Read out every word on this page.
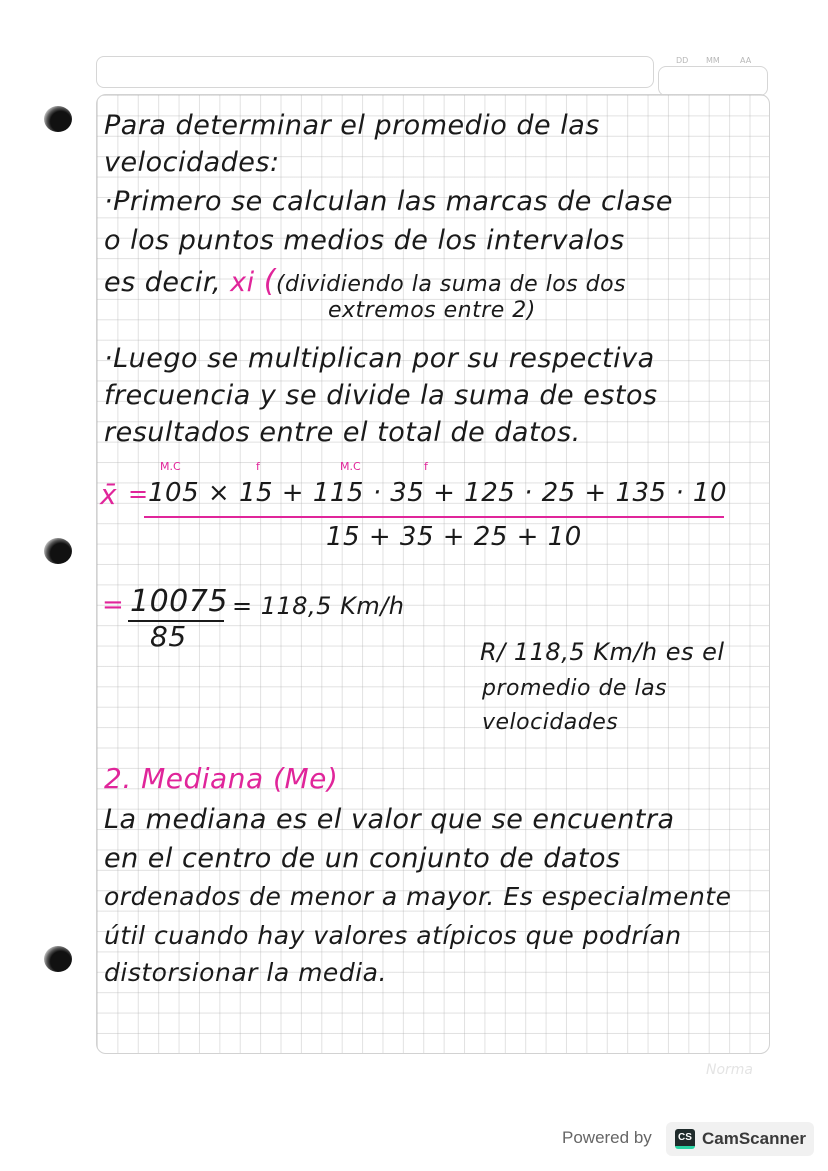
DD MM	AA
Para determinar el promedio de las
velocidades:
·Primero se calculan las marcas de clase
o los puntos medios de los intervalos
es decir, xi ((dividiendo la suma de los dos
extremos entre 2)
·Luego se multiplican por su respectiva
frecuencia y se divide la suma de estos
resultados entre el total de datos.
M.C	f	M.C	f
x̄ = 105 × 15 + 115 · 35 + 125 · 25 + 135 · 10
15 + 35 + 25 + 10
= 10075
85
= 118,5 Km/h
R/ 118,5 Km/h es el
promedio de las
velocidades
2. Mediana (Me)
La mediana es el valor que se encuentra
en el centro de un conjunto de datos
ordenados de menor a mayor. Es especialmente
útil cuando hay valores atípicos que podrían
distorsionar la media.
Norma
Powered by	CS CamScanner
